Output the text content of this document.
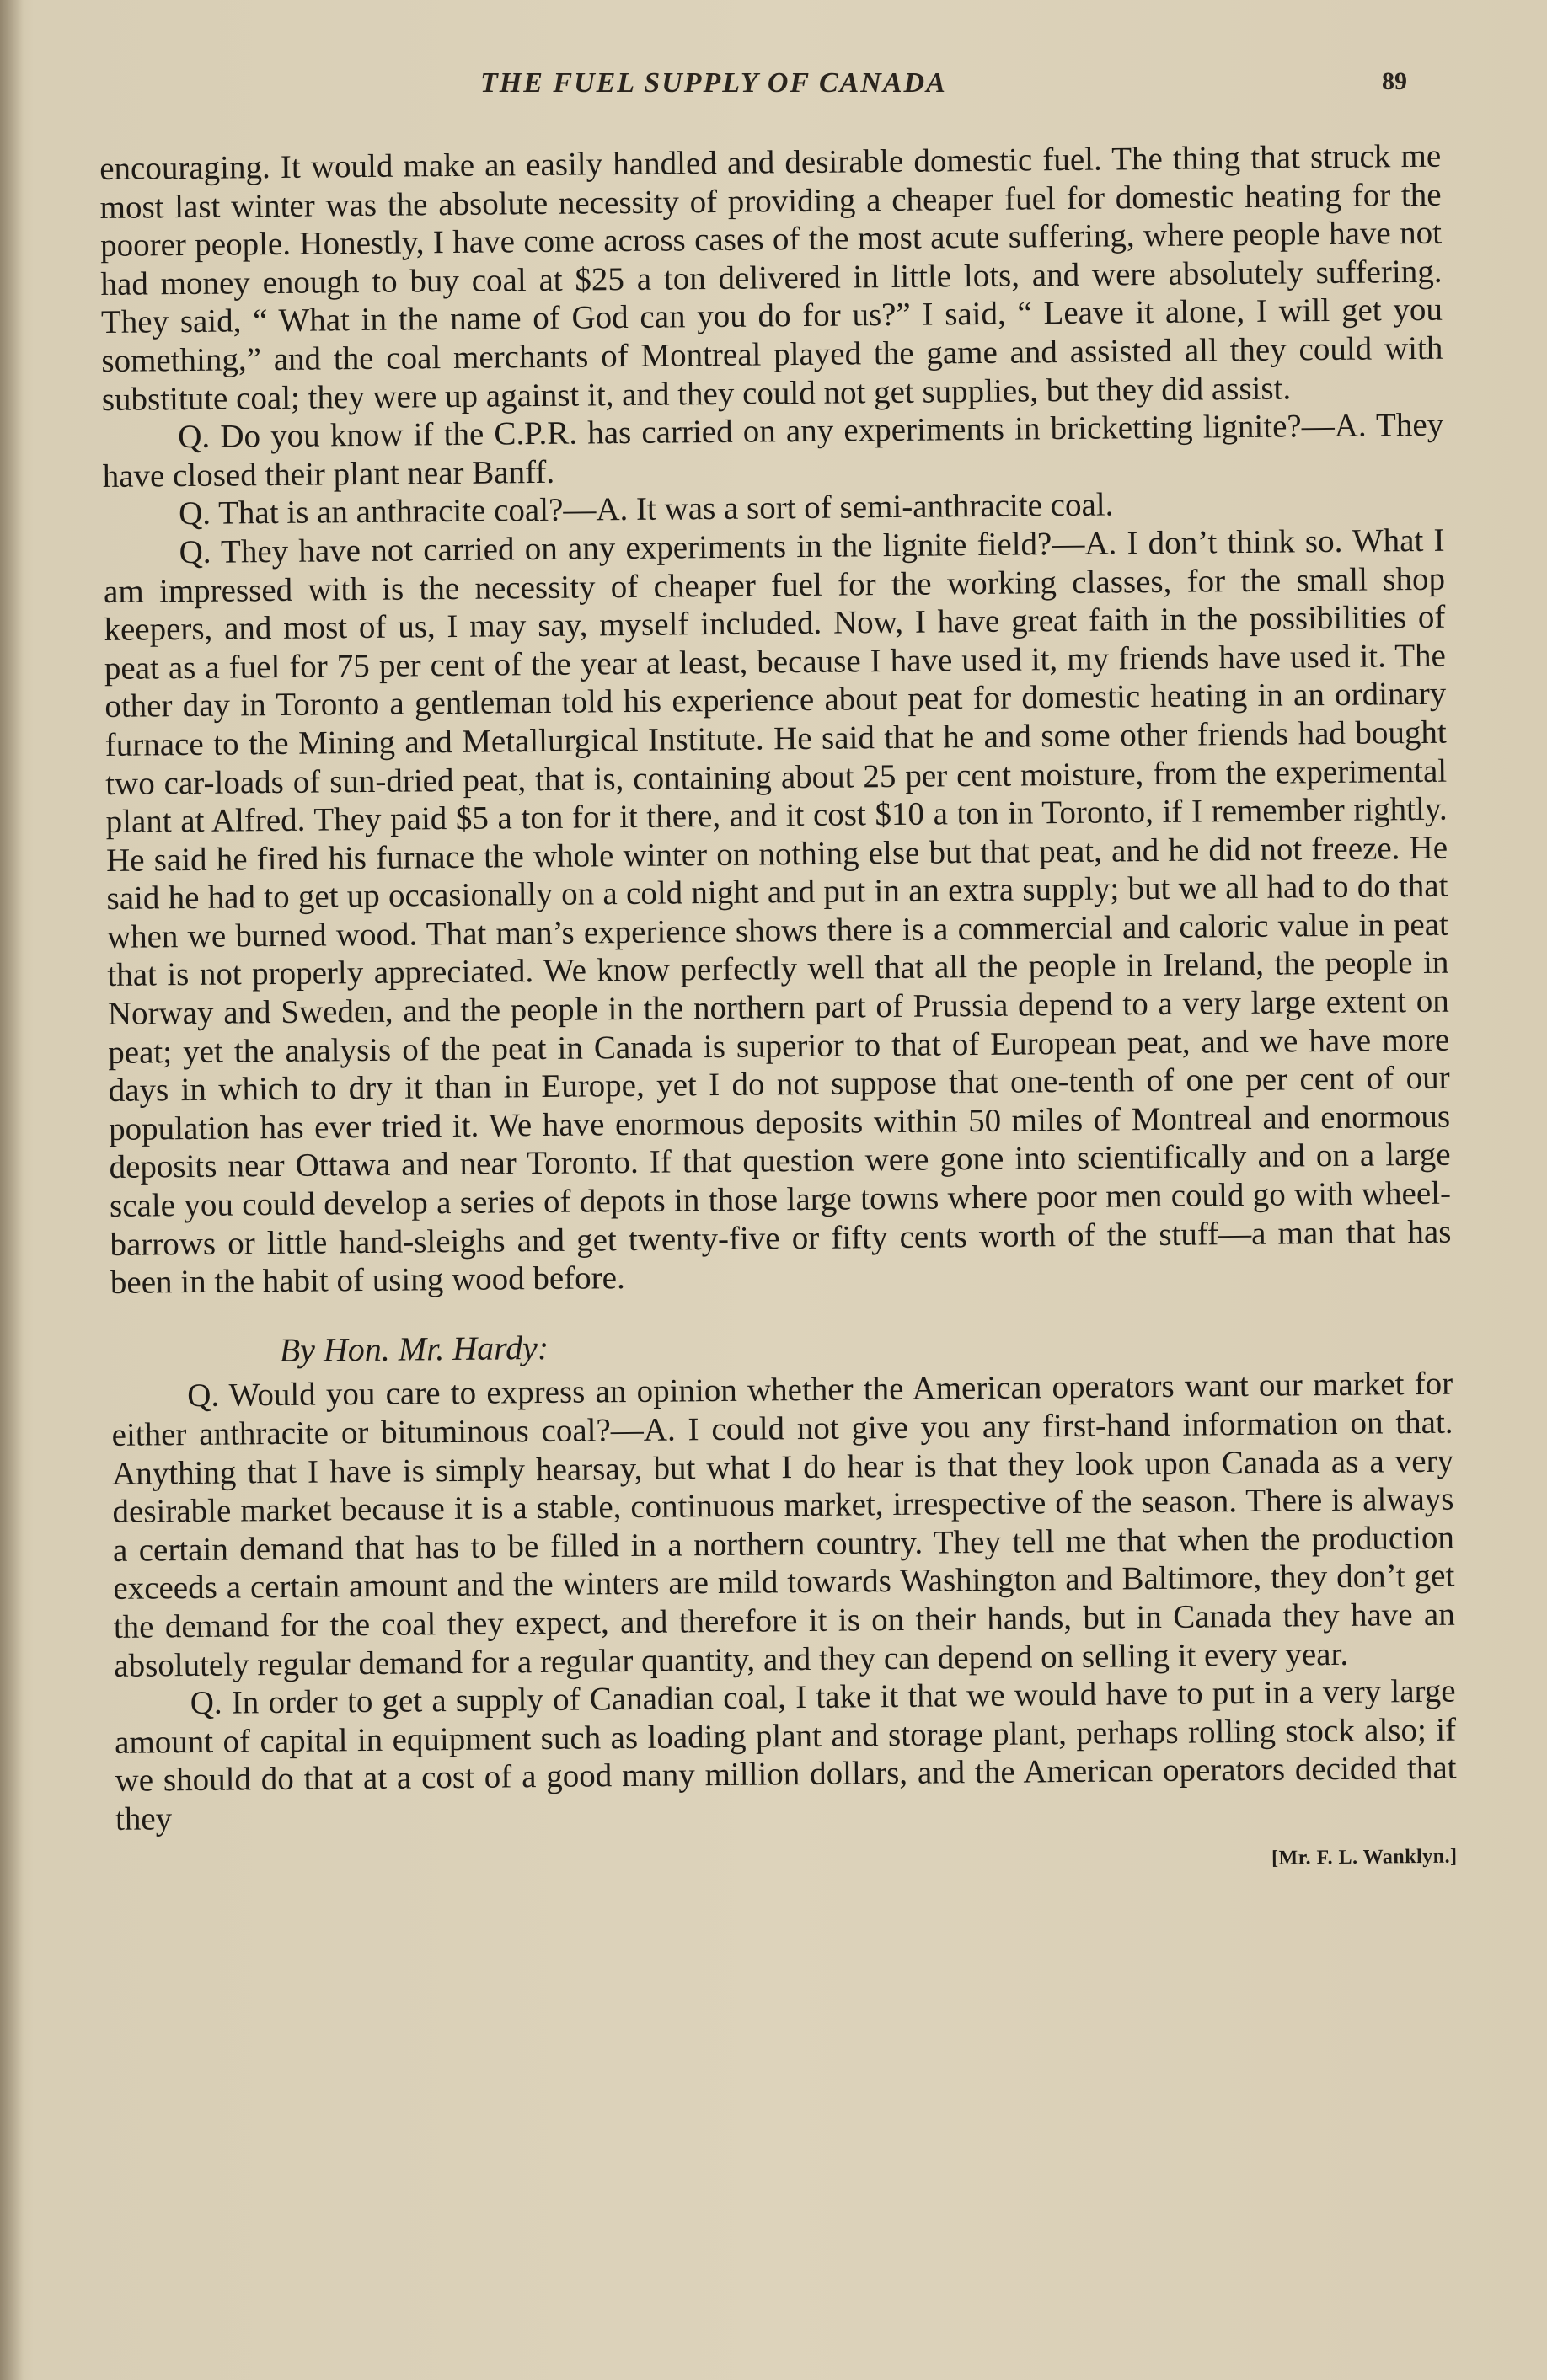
THE FUEL SUPPLY OF CANADA	89

encouraging. It would make an easily handled and desirable domestic fuel. The thing that struck me most last winter was the absolute necessity of providing a cheaper fuel for domestic heating for the poorer people. Honestly, I have come across cases of the most acute suffering, where people have not had money enough to buy coal at $25 a ton delivered in little lots, and were absolutely suffering. They said, “ What in the name of God can you do for us?” I said, “ Leave it alone, I will get you something,” and the coal merchants of Montreal played the game and assisted all they could with substitute coal; they were up against it, and they could not get supplies, but they did assist.

Q. Do you know if the C.P.R. has carried on any experiments in bricketting lignite?—A. They have closed their plant near Banff.

Q. That is an anthracite coal?—A. It was a sort of semi-anthracite coal.

Q. They have not carried on any experiments in the lignite field?—A. I don’t think so. What I am impressed with is the necessity of cheaper fuel for the working classes, for the small shop keepers, and most of us, I may say, myself included. Now, I have great faith in the possibilities of peat as a fuel for 75 per cent of the year at least, because I have used it, my friends have used it. The other day in Toronto a gentleman told his experience about peat for domestic heating in an ordinary furnace to the Mining and Metallurgical Institute. He said that he and some other friends had bought two car-loads of sun-dried peat, that is, containing about 25 per cent moisture, from the experimental plant at Alfred. They paid $5 a ton for it there, and it cost $10 a ton in Toronto, if I remember rightly. He said he fired his furnace the whole winter on nothing else but that peat, and he did not freeze. He said he had to get up occasionally on a cold night and put in an extra supply; but we all had to do that when we burned wood. That man’s experience shows there is a commercial and caloric value in peat that is not properly appreciated. We know perfectly well that all the people in Ireland, the people in Norway and Sweden, and the people in the northern part of Prussia depend to a very large extent on peat; yet the analysis of the peat in Canada is superior to that of European peat, and we have more days in which to dry it than in Europe, yet I do not suppose that one-tenth of one per cent of our population has ever tried it. We have enormous deposits within 50 miles of Montreal and enormous deposits near Ottawa and near Toronto. If that question were gone into scientifically and on a large scale you could develop a series of depots in those large towns where poor men could go with wheel-barrows or little hand-sleighs and get twenty-five or fifty cents worth of the stuff—a man that has been in the habit of using wood before.

By Hon. Mr. Hardy:

Q. Would you care to express an opinion whether the American operators want our market for either anthracite or bituminous coal?—A. I could not give you any first-hand information on that. Anything that I have is simply hearsay, but what I do hear is that they look upon Canada as a very desirable market because it is a stable, continuous market, irrespective of the season. There is always a certain demand that has to be filled in a northern country. They tell me that when the production exceeds a certain amount and the winters are mild towards Washington and Baltimore, they don’t get the demand for the coal they expect, and therefore it is on their hands, but in Canada they have an absolutely regular demand for a regular quantity, and they can depend on selling it every year.

Q. In order to get a supply of Canadian coal, I take it that we would have to put in a very large amount of capital in equipment such as loading plant and storage plant, perhaps rolling stock also; if we should do that at a cost of a good many million dollars, and the American operators decided that they

[Mr. F. L. Wanklyn.]
